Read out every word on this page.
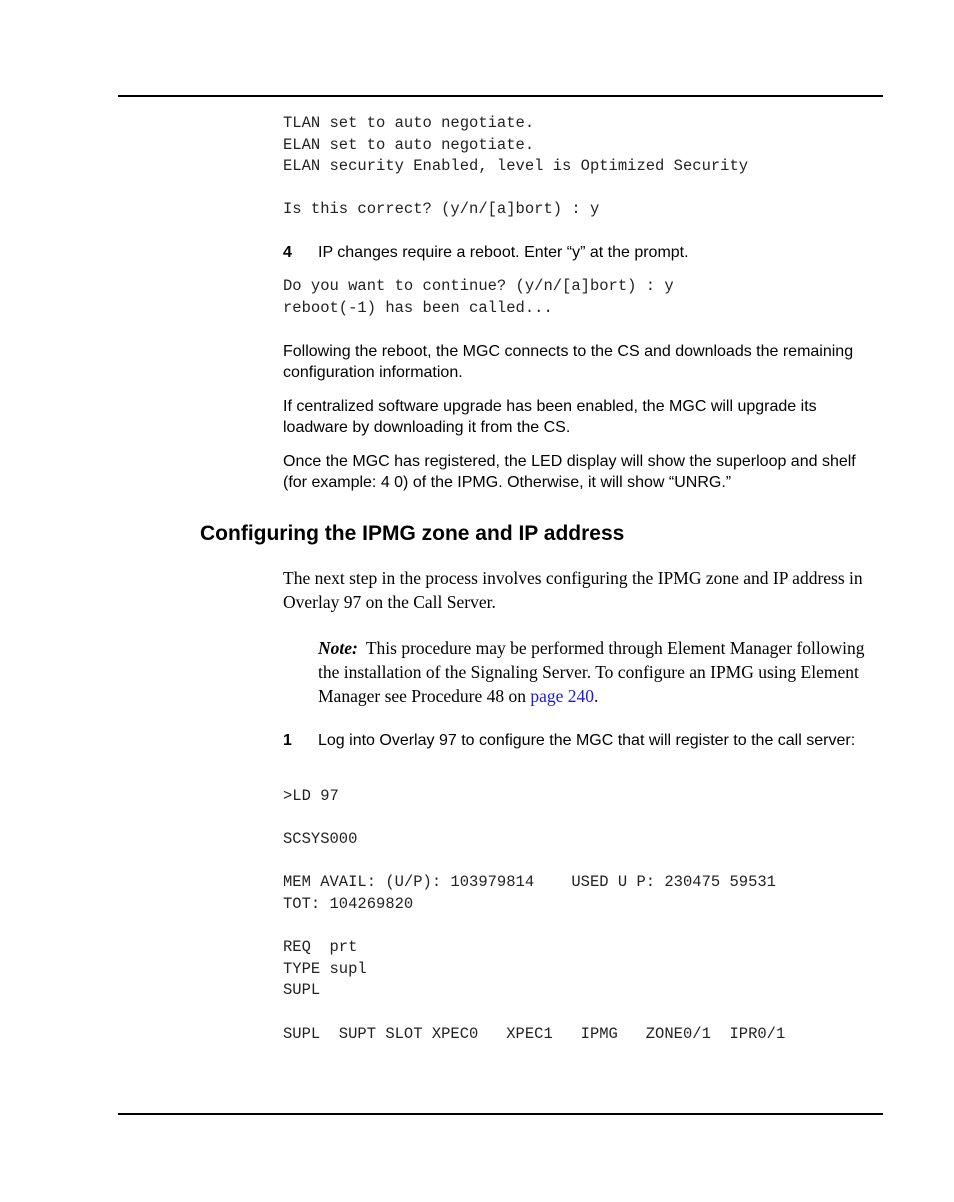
TLAN set to auto negotiate.
ELAN set to auto negotiate.
ELAN security Enabled, level is Optimized Security

Is this correct? (y/n/[a]bort) : y
4 IP changes require a reboot. Enter “y” at the prompt.
Do you want to continue? (y/n/[a]bort) : y
reboot(-1) has been called...

Following the reboot, the MGC connects to the CS and downloads the remaining configuration information.

If centralized software upgrade has been enabled, the MGC will upgrade its loadware by downloading it from the CS.

Once the MGC has registered, the LED display will show the superloop and shelf (for example: 4 0) of the IPMG. Otherwise, it will show “UNRG.”

Configuring the IPMG zone and IP address

The next step in the process involves configuring the IPMG zone and IP address in Overlay 97 on the Call Server.

Note: This procedure may be performed through Element Manager following the installation of the Signaling Server. To configure an IPMG using Element Manager see Procedure 48 on page 240.

1 Log into Overlay 97 to configure the MGC that will register to the call server:
>LD 97

SCSYS000

MEM AVAIL: (U/P): 103979814    USED U P: 230475 59531
TOT: 104269820

REQ  prt
TYPE supl
SUPL

SUPL  SUPT SLOT XPEC0   XPEC1   IPMG   ZONE0/1  IPR0/1
